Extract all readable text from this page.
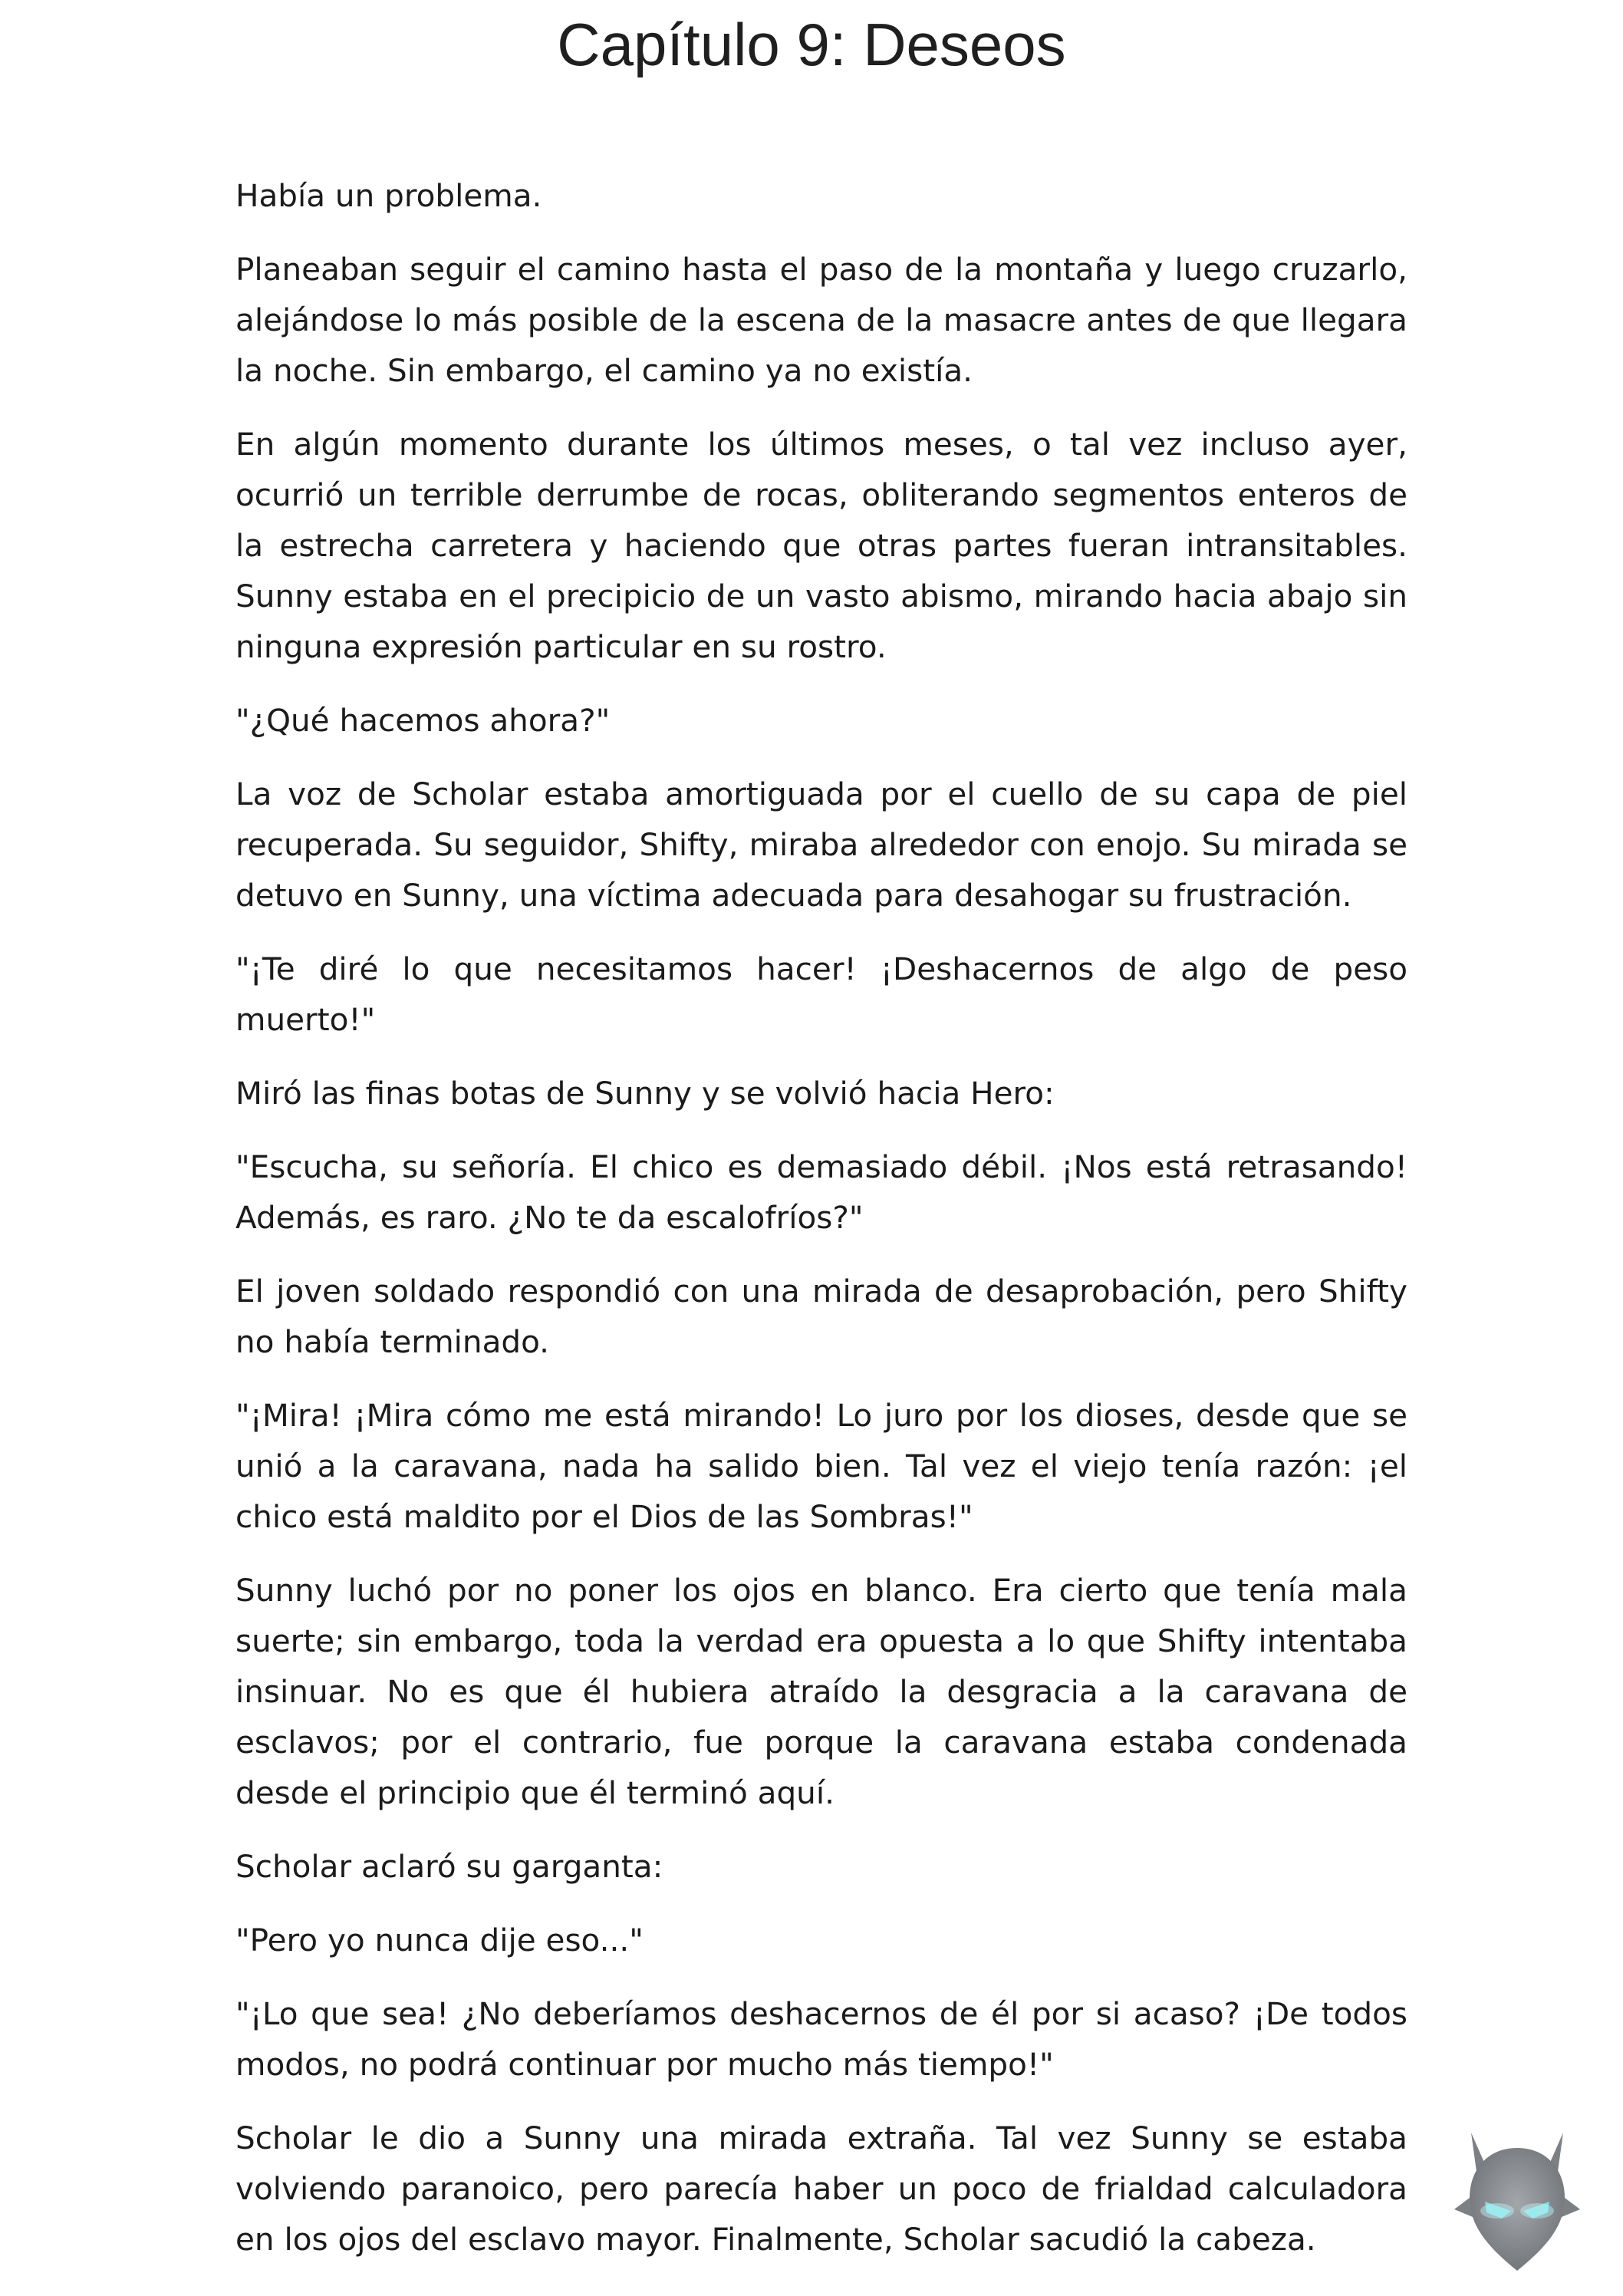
Capítulo 9: Deseos

Había un problema.

Planeaban seguir el camino hasta el paso de la montaña y luego cruzarlo, alejándose lo más posible de la escena de la masacre antes de que llegara la noche. Sin embargo, el camino ya no existía.

En algún momento durante los últimos meses, o tal vez incluso ayer, ocurrió un terrible derrumbe de rocas, obliterando segmentos enteros de la estrecha carretera y haciendo que otras partes fueran intransitables. Sunny estaba en el precipicio de un vasto abismo, mirando hacia abajo sin ninguna expresión particular en su rostro.

"¿Qué hacemos ahora?"

La voz de Scholar estaba amortiguada por el cuello de su capa de piel recuperada. Su seguidor, Shifty, miraba alrededor con enojo. Su mirada se detuvo en Sunny, una víctima adecuada para desahogar su frustración.

"¡Te diré lo que necesitamos hacer! ¡Deshacernos de algo de peso muerto!"

Miró las finas botas de Sunny y se volvió hacia Hero:

"Escucha, su señoría. El chico es demasiado débil. ¡Nos está retrasando! Además, es raro. ¿No te da escalofríos?"

El joven soldado respondió con una mirada de desaprobación, pero Shifty no había terminado.

"¡Mira! ¡Mira cómo me está mirando! Lo juro por los dioses, desde que se unió a la caravana, nada ha salido bien. Tal vez el viejo tenía razón: ¡el chico está maldito por el Dios de las Sombras!"

Sunny luchó por no poner los ojos en blanco. Era cierto que tenía mala suerte; sin embargo, toda la verdad era opuesta a lo que Shifty intentaba insinuar. No es que él hubiera atraído la desgracia a la caravana de esclavos; por el contrario, fue porque la caravana estaba condenada desde el principio que él terminó aquí.

Scholar aclaró su garganta:

"Pero yo nunca dije eso..."

"¡Lo que sea! ¿No deberíamos deshacernos de él por si acaso? ¡De todos modos, no podrá continuar por mucho más tiempo!"

Scholar le dio a Sunny una mirada extraña. Tal vez Sunny se estaba volviendo paranoico, pero parecía haber un poco de frialdad calculadora en los ojos del esclavo mayor. Finalmente, Scholar sacudió la cabeza.
